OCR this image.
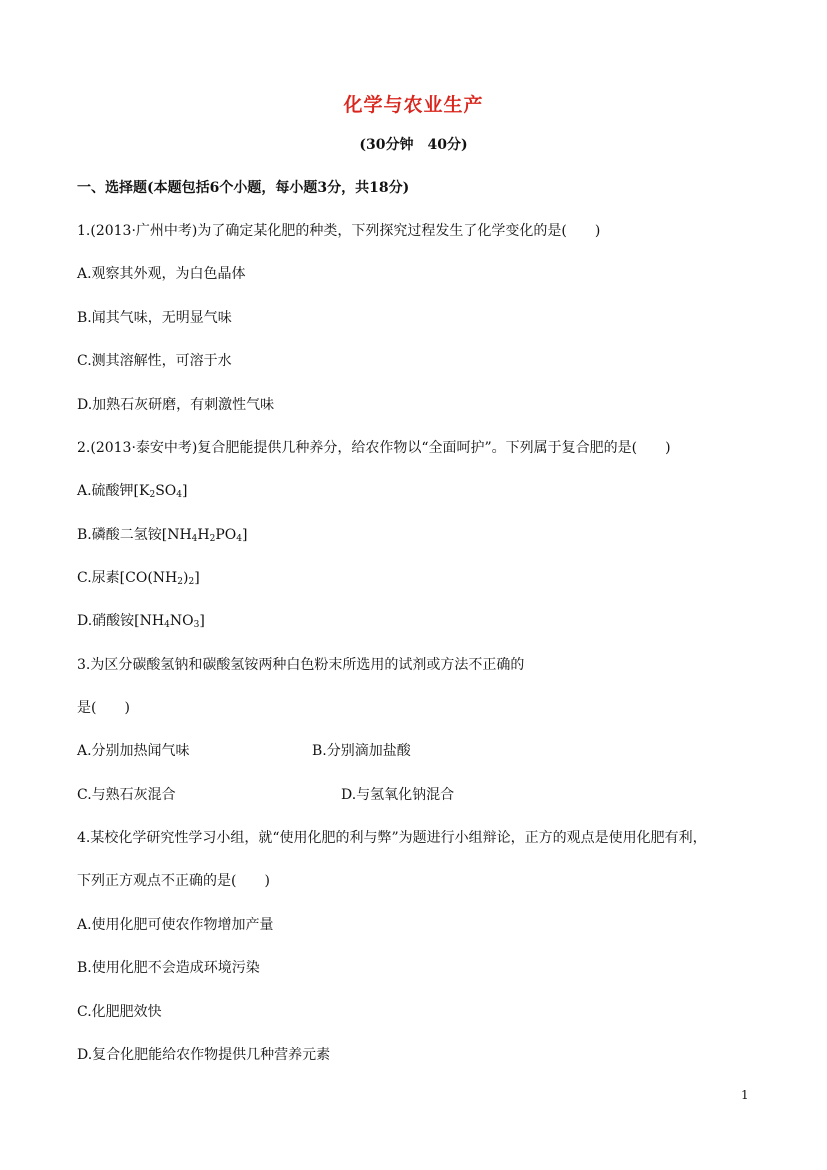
化学与农业生产
(30分钟　40分)
一、选择题(本题包括6个小题，每小题3分，共18分)
1.(2013·广州中考)为了确定某化肥的种类，下列探究过程发生了化学变化的是(　　)
A.观察其外观，为白色晶体
B.闻其气味，无明显气味
C.测其溶解性，可溶于水
D.加熟石灰研磨，有刺激性气味
2.(2013·泰安中考)复合肥能提供几种养分，给农作物以“全面呵护”。下列属于复合肥的是(　　)
A.硫酸钾$[K_2SO_4]$
B.磷酸二氢铵$[NH_4H_2PO_4]$
C.尿素$[CO(NH_2)_2]$
D.硝酸铵$[NH_4NO_3]$
3.为区分碳酸氢钠和碳酸氢铵两种白色粉末所选用的试剂或方法不正确的
是(　　)
A.分别加热闻气味	B.分别滴加盐酸
C.与熟石灰混合	D.与氢氧化钠混合
4.某校化学研究性学习小组，就“使用化肥的利与弊”为题进行小组辩论，正方的观点是使用化肥有利，
下列正方观点不正确的是(　　)
A.使用化肥可使农作物增加产量
B.使用化肥不会造成环境污染
C.化肥肥效快
D.复合化肥能给农作物提供几种营养元素
1
